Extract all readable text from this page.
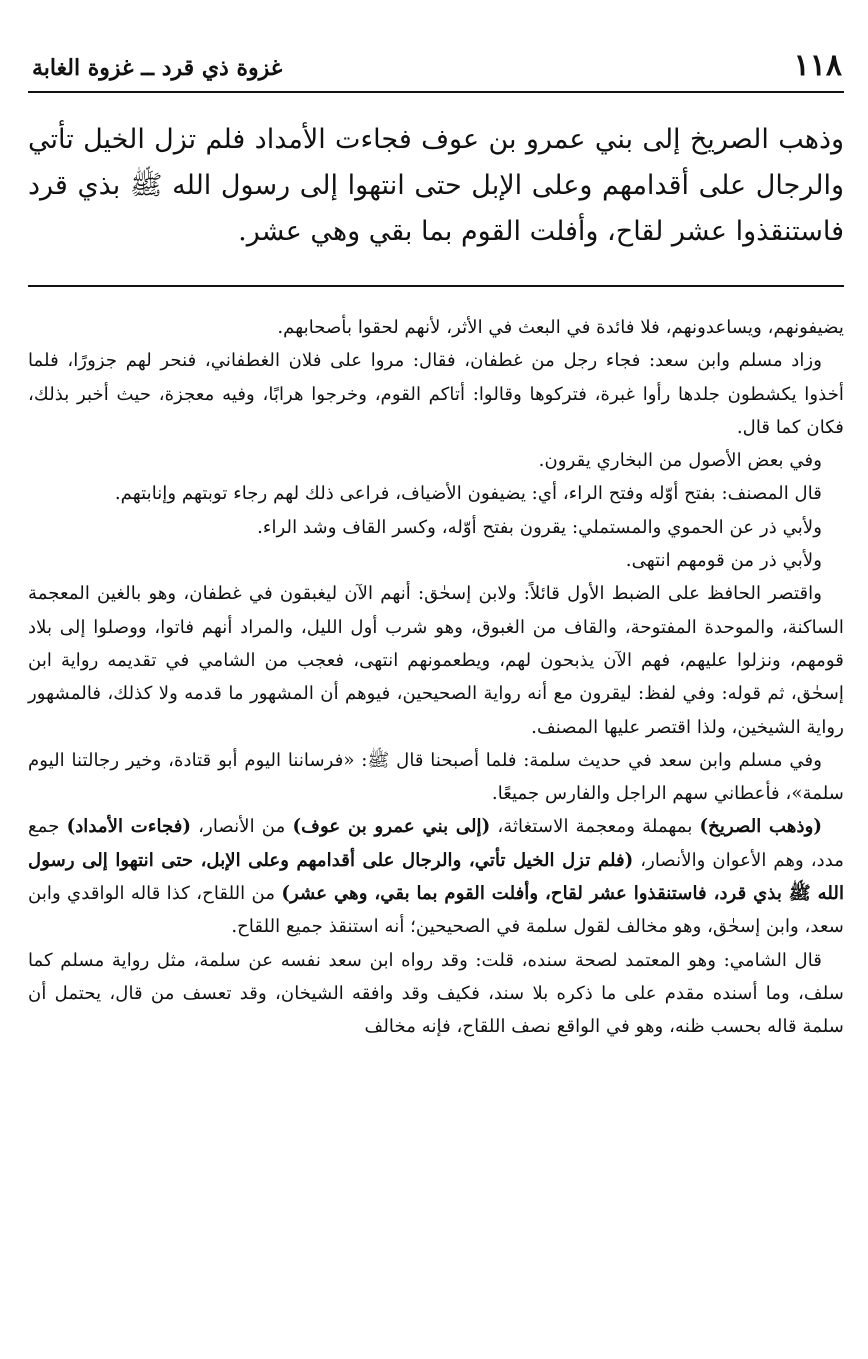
١١٨
غزوة ذي قرد ــ غزوة الغابة
وذهب الصريخ إلى بني عمرو بن عوف فجاءت الأمداد فلم تزل الخيل تأتي والرجال على أقدامهم وعلى الإبل حتى انتهوا إلى رسول الله ﷺ بذي قرد فاستنقذوا عشر لقاح، وأفلت القوم بما بقي وهي عشر.

يضيفونهم، ويساعدونهم، فلا فائدة في البعث في الأثر، لأنهم لحقوا بأصحابهم.

وزاد مسلم وابن سعد: فجاء رجل من غطفان، فقال: مروا على فلان الغطفاني، فنحر لهم جزورًا، فلما أخذوا يكشطون جلدها رأوا غبرة، فتركوها وقالوا: أتاكم القوم، وخرجوا هرابًا، وفيه معجزة، حيث أخبر بذلك، فكان كما قال.

وفي بعض الأصول من البخاري يقرون.

قال المصنف: بفتح أوّله وفتح الراء، أي: يضيفون الأضياف، فراعى ذلك لهم رجاء توبتهم وإنابتهم.

ولأبي ذر عن الحموي والمستملي: يقرون بفتح أوّله، وكسر القاف وشد الراء.

ولأبي ذر من قومهم انتهى.

واقتصر الحافظ على الضبط الأول قائلاً: ولابن إسحٰق: أنهم الآن ليغبقون في غطفان، وهو بالغين المعجمة الساكنة، والموحدة المفتوحة، والقاف من الغبوق، وهو شرب أول الليل، والمراد أنهم فاتوا، ووصلوا إلى بلاد قومهم، ونزلوا عليهم، فهم الآن يذبحون لهم، ويطعمونهم انتهى، فعجب من الشامي في تقديمه رواية ابن إسحٰق، ثم قوله: وفي لفظ: ليقرون مع أنه رواية الصحيحين، فيوهم أن المشهور ما قدمه ولا كذلك، فالمشهور رواية الشيخين، ولذا اقتصر عليها المصنف.

وفي مسلم وابن سعد في حديث سلمة: فلما أصبحنا قال ﷺ: «فرساننا اليوم أبو قتادة، وخير رجالتنا اليوم سلمة»، فأعطاني سهم الراجل والفارس جميعًا.

(وذهب الصريخ) بمهملة ومعجمة الاستغاثة، (إلى بني عمرو بن عوف) من الأنصار، (فجاءت الأمداد) جمع مدد، وهم الأعوان والأنصار، (فلم تزل الخيل تأتي، والرجال على أقدامهم وعلى الإبل، حتى انتهوا إلى رسول الله ﷺ بذي قرد، فاستنقذوا عشر لقاح، وأفلت القوم بما بقي، وهي عشر) من اللقاح، كذا قاله الواقدي وابن سعد، وابن إسحٰق، وهو مخالف لقول سلمة في الصحيحين؛ أنه استنقذ جميع اللقاح.

قال الشامي: وهو المعتمد لصحة سنده، قلت: وقد رواه ابن سعد نفسه عن سلمة، مثل رواية مسلم كما سلف، وما أسنده مقدم على ما ذكره بلا سند، فكيف وقد وافقه الشيخان، وقد تعسف من قال، يحتمل أن سلمة قاله بحسب ظنه، وهو في الواقع نصف اللقاح، فإنه مخالف
